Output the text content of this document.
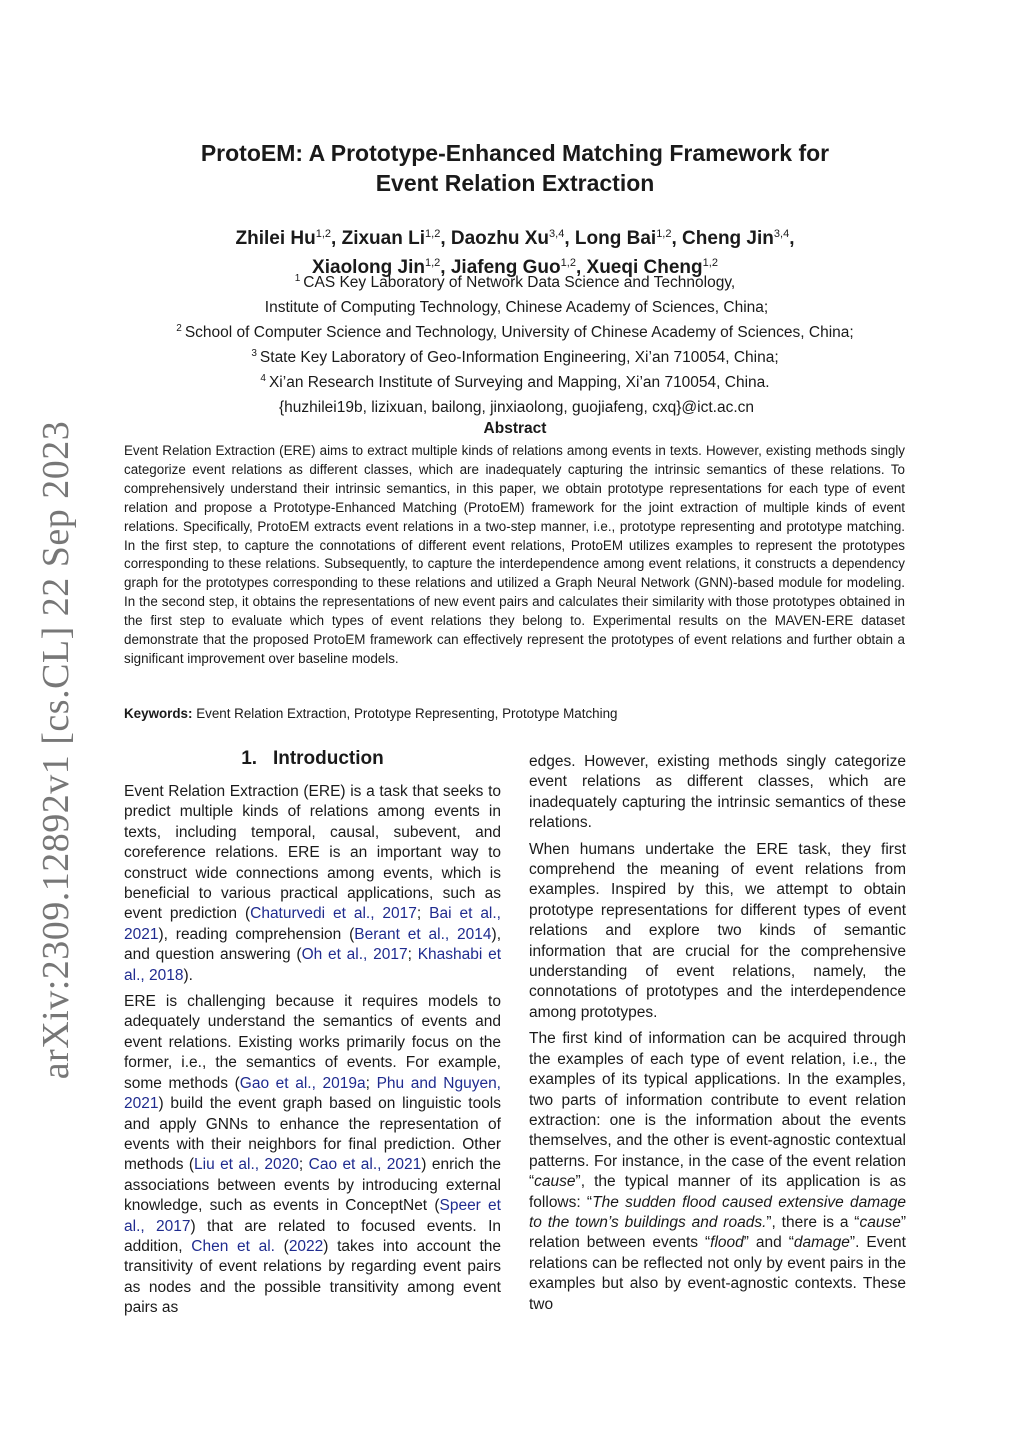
arXiv:2309.12892v1 [cs.CL] 22 Sep 2023
ProtoEM: A Prototype-Enhanced Matching Framework for
Event Relation Extraction
Zhilei Hu$^{1,2}$, Zixuan Li$^{1,2}$, Daozhu Xu$^{3,4}$, Long Bai$^{1,2}$, Cheng Jin$^{3,4}$,
Xiaolong Jin$^{1,2}$, Jiafeng Guo$^{1,2}$, Xueqi Cheng$^{1,2}$
$^1$ CAS Key Laboratory of Network Data Science and Technology,
Institute of Computing Technology, Chinese Academy of Sciences, China;
$^2$ School of Computer Science and Technology, University of Chinese Academy of Sciences, China;
$^3$ State Key Laboratory of Geo-Information Engineering, Xi’an 710054, China;
$^4$ Xi’an Research Institute of Surveying and Mapping, Xi’an 710054, China.
{huzhilei19b, lizixuan, bailong, jinxiaolong, guojiafeng, cxq}@ict.ac.cn
Abstract
Event Relation Extraction (ERE) aims to extract multiple kinds of relations among events in texts. However, existing methods singly categorize event relations as different classes, which are inadequately capturing the intrinsic semantics of these relations. To comprehensively understand their intrinsic semantics, in this paper, we obtain prototype representations for each type of event relation and propose a Prototype-Enhanced Matching (ProtoEM) framework for the joint extraction of multiple kinds of event relations. Specifically, ProtoEM extracts event relations in a two-step manner, i.e., prototype representing and prototype matching. In the first step, to capture the connotations of different event relations, ProtoEM utilizes examples to represent the prototypes corresponding to these relations. Subsequently, to capture the interdependence among event relations, it constructs a dependency graph for the prototypes corresponding to these relations and utilized a Graph Neural Network (GNN)-based module for modeling. In the second step, it obtains the representations of new event pairs and calculates their similarity with those prototypes obtained in the first step to evaluate which types of event relations they belong to. Experimental results on the MAVEN-ERE dataset demonstrate that the proposed ProtoEM framework can effectively represent the prototypes of event relations and further obtain a significant improvement over baseline models.
Keywords: Event Relation Extraction, Prototype Representing, Prototype Matching
1. Introduction

Event Relation Extraction (ERE) is a task that seeks to predict multiple kinds of relations among events in texts, including temporal, causal, subevent, and coreference relations. ERE is an important way to construct wide connections among events, which is beneficial to various practical applications, such as event prediction (Chaturvedi et al., 2017; Bai et al., 2021), reading comprehension (Berant et al., 2014), and question answering (Oh et al., 2017; Khashabi et al., 2018).

ERE is challenging because it requires models to adequately understand the semantics of events and event relations. Existing works primarily focus on the former, i.e., the semantics of events. For example, some methods (Gao et al., 2019a; Phu and Nguyen, 2021) build the event graph based on linguistic tools and apply GNNs to enhance the representation of events with their neighbors for final prediction. Other methods (Liu et al., 2020; Cao et al., 2021) enrich the associations between events by introducing external knowledge, such as events in ConceptNet (Speer et al., 2017) that are related to focused events. In addition, Chen et al. (2022) takes into account the transitivity of event relations by regarding event pairs as nodes and the possible transitivity among event pairs as

edges. However, existing methods singly categorize event relations as different classes, which are inadequately capturing the intrinsic semantics of these relations.

When humans undertake the ERE task, they first comprehend the meaning of event relations from examples. Inspired by this, we attempt to obtain prototype representations for different types of event relations and explore two kinds of semantic information that are crucial for the comprehensive understanding of event relations, namely, the connotations of prototypes and the interdependence among prototypes.

The first kind of information can be acquired through the examples of each type of event relation, i.e., the examples of its typical applications. In the examples, two parts of information contribute to event relation extraction: one is the information about the events themselves, and the other is event-agnostic contextual patterns. For instance, in the case of the event relation “cause”, the typical manner of its application is as follows: “The sudden flood caused extensive damage to the town’s buildings and roads.”, there is a “cause” relation between events “flood” and “damage”. Event relations can be reflected not only by event pairs in the examples but also by event-agnostic contexts. These two
